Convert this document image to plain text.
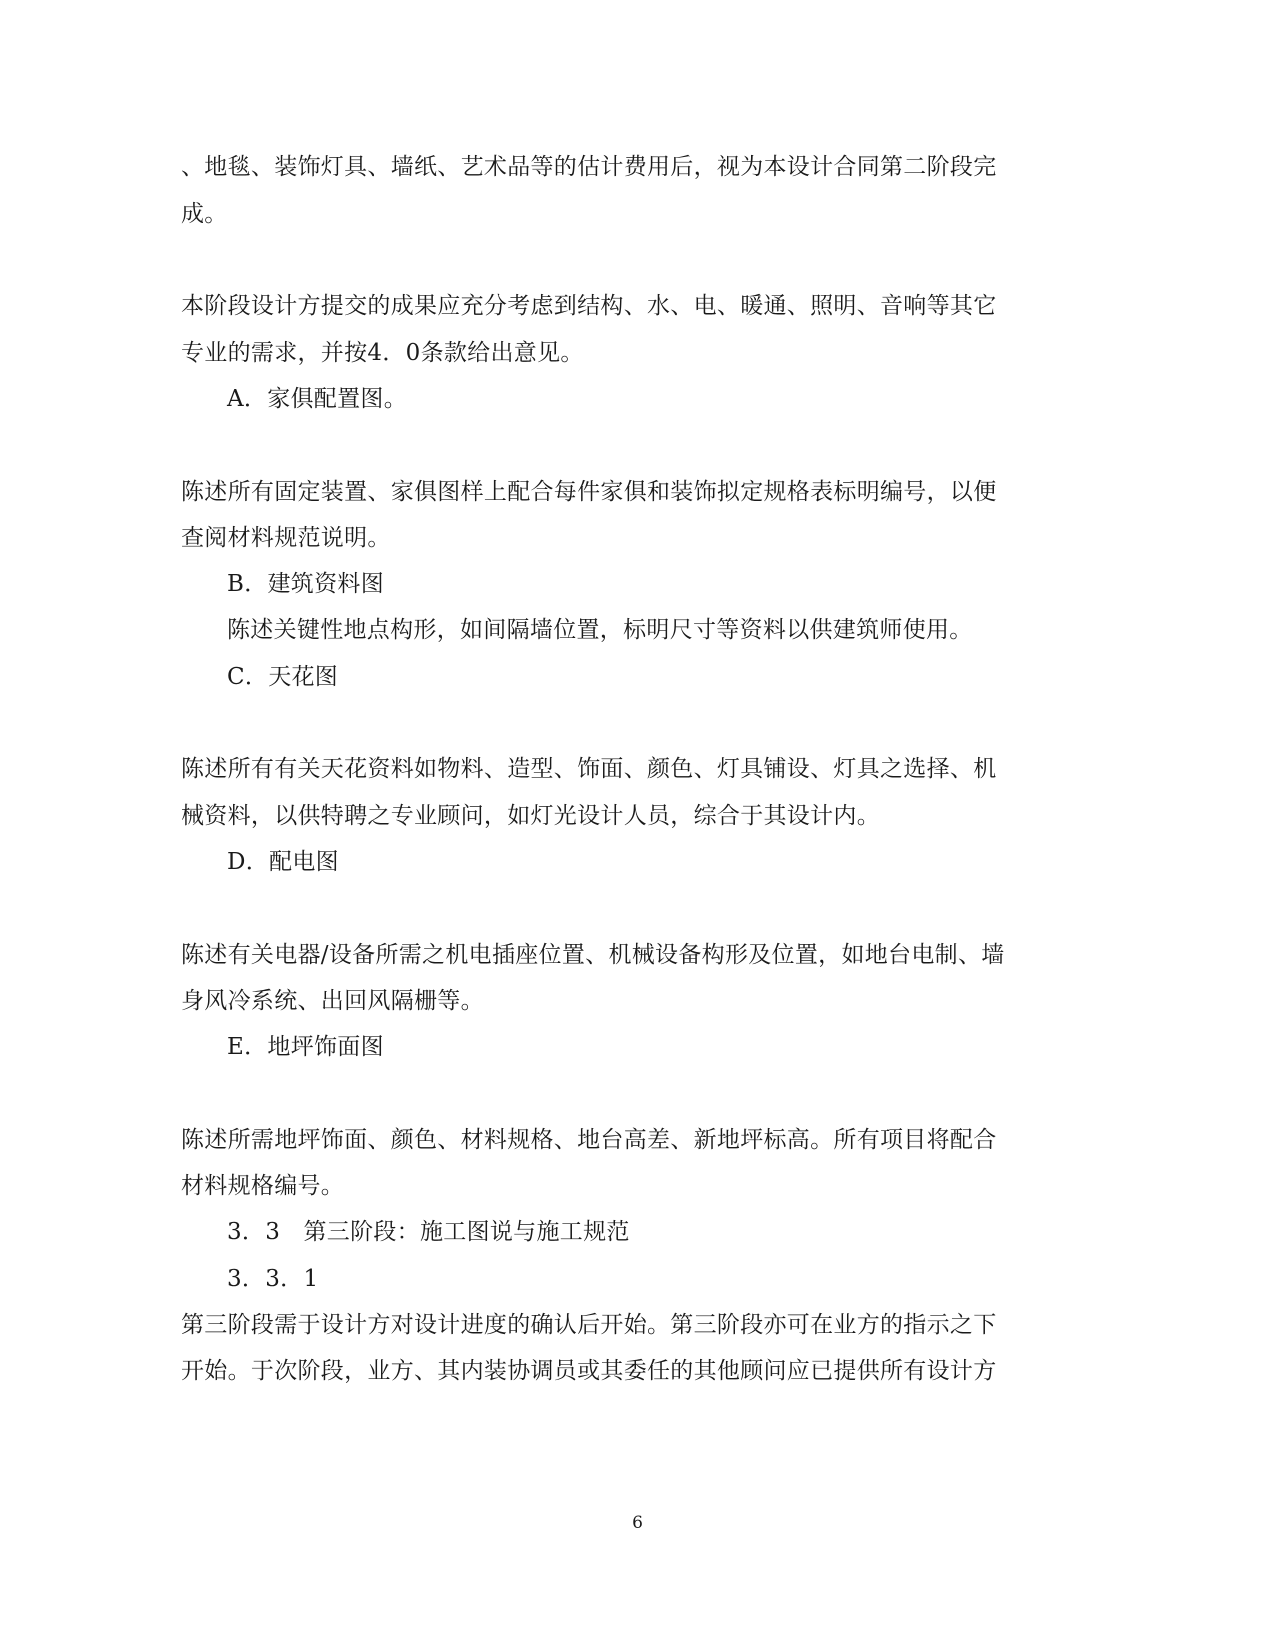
、地毯、装饰灯具、墙纸、艺术品等的估计费用后，视为本设计合同第二阶段完
成。
本阶段设计方提交的成果应充分考虑到结构、水、电、暖通、照明、音响等其它
专业的需求，并按4．0条款给出意见。
A．家俱配置图。
陈述所有固定装置、家俱图样上配合每件家俱和装饰拟定规格表标明编号，以便
查阅材料规范说明。
B．建筑资料图
陈述关键性地点构形，如间隔墙位置，标明尺寸等资料以供建筑师使用。
C．天花图
陈述所有有关天花资料如物料、造型、饰面、颜色、灯具铺设、灯具之选择、机
械资料，以供特聘之专业顾问，如灯光设计人员，综合于其设计内。
D．配电图
陈述有关电器/设备所需之机电插座位置、机械设备构形及位置，如地台电制、墙
身风冷系统、出回风隔栅等。
E．地坪饰面图
陈述所需地坪饰面、颜色、材料规格、地台高差、新地坪标高。所有项目将配合
材料规格编号。
3．3　第三阶段：施工图说与施工规范
3．3．1
第三阶段需于设计方对设计进度的确认后开始。第三阶段亦可在业方的指示之下
开始。于次阶段，业方、其内装协调员或其委任的其他顾问应已提供所有设计方
6
